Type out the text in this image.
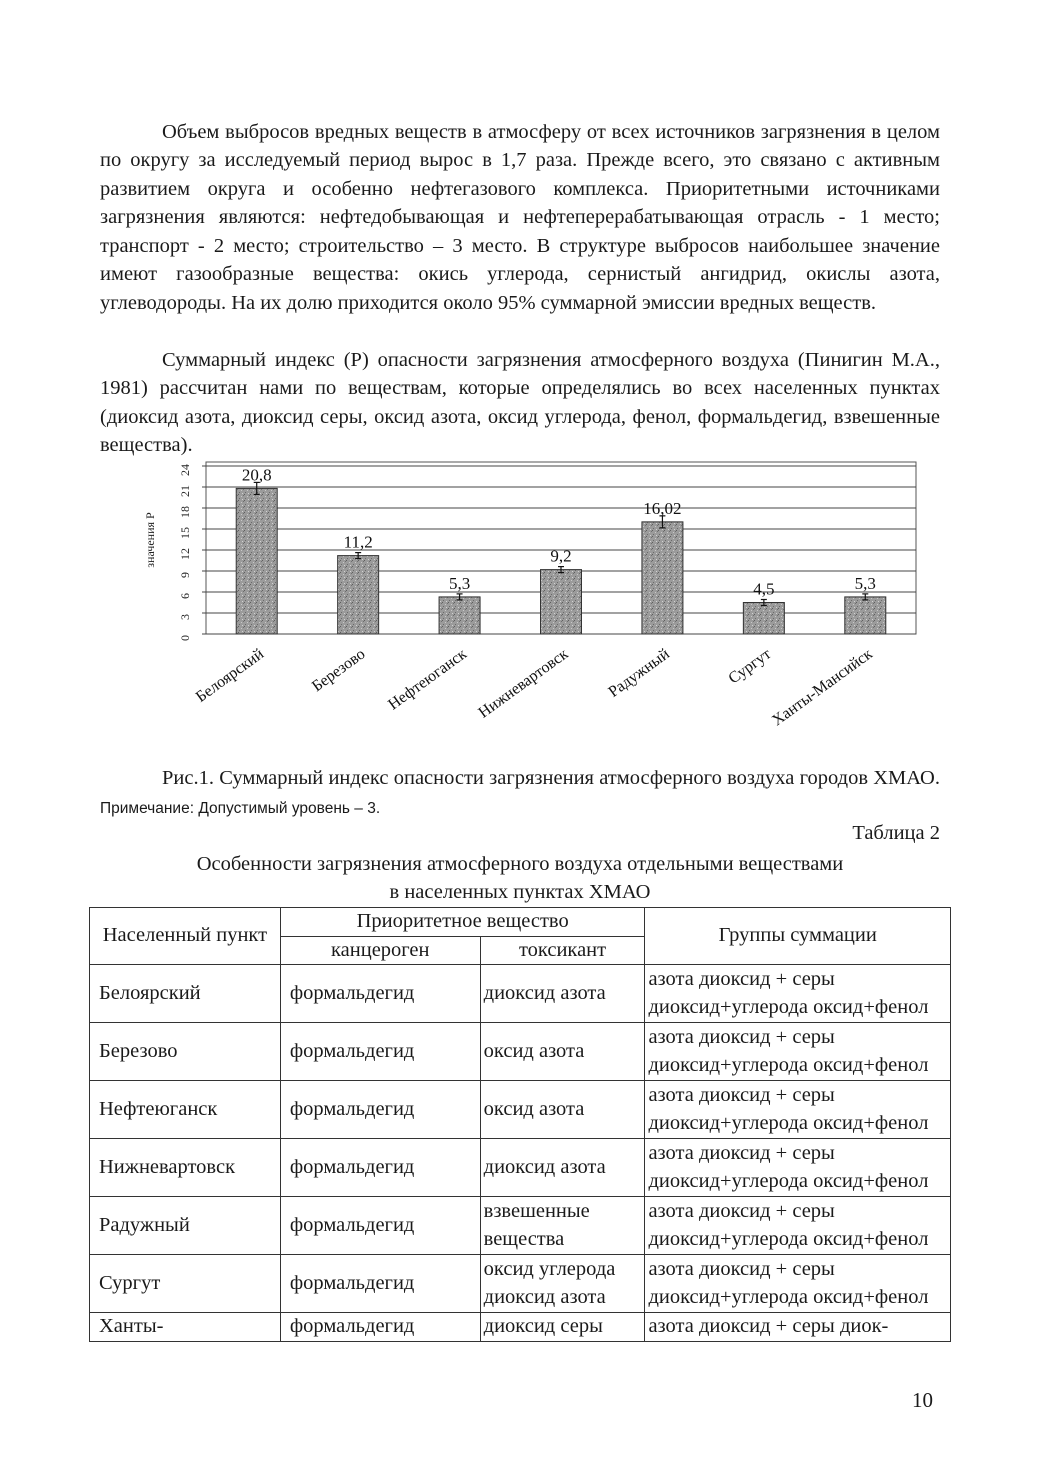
Объем выбросов вредных веществ в атмосферу от всех источников загрязнения в целом по округу за исследуемый период вырос в 1,7 раза. Прежде всего, это связано с активным развитием округа и особенно нефтегазового комплекса. Приоритетными источниками загрязнения являются: нефтедобывающая и нефтеперерабатывающая отрасль - 1 место; транспорт - 2 место; строительство – 3 место. В структуре выбросов наибольшее значение имеют газообразные вещества: окись углерода, сернистый ангидрид, окислы азота, углеводороды. На их долю приходится около 95% суммарной эмиссии вредных веществ.

Суммарный индекс (Р) опасности загрязнения атмосферного воздуха (Пинигин М.А., 1981) рассчитан нами по веществам, которые определялись во всех населенных пунктах (диоксид азота, диоксид серы, оксид азота, оксид углерода, фенол, формальдегид, взвешенные вещества).

0
3
6
9
12
15
18
21
24
значения Р
20,8
Белоярский
11,2
Березово
5,3
Нефтеюганск
9,2
Нижневартовск
16,02
Радужный
4,5
Сургут
5,3
Ханты-Мансийск
Рис.1. Суммарный индекс опасности загрязнения атмосферного воздуха городов ХМАО. Примечание: Допустимый уровень – 3.
Таблица 2
Особенности загрязнения атмосферного воздуха отдельными веществами
в населенных пунктах ХМАО
Населенный пункт	Приоритетное вещество		Группы суммации
	канцероген	токсикант	
Белоярский	формальдегид	диоксид азота	азота диоксид + серы диоксид+углерода оксид+фенол
Березово	формальдегид	оксид азота	азота диоксид + серы диоксид+углерода оксид+фенол
Нефтеюганск	формальдегид	оксид азота	азота диоксид + серы диоксид+углерода оксид+фенол
Нижневартовск	формальдегид	диоксид азота	азота диоксид + серы диоксид+углерода оксид+фенол
Радужный	формальдегид	взвешенные вещества	азота диоксид + серы диоксид+углерода оксид+фенол
Сургут	формальдегид	оксид углерода диоксид азота	азота диоксид + серы диоксид+углерода оксид+фенол
Ханты-	формальдегид	диоксид серы	азота диоксид + серы диок-
10
